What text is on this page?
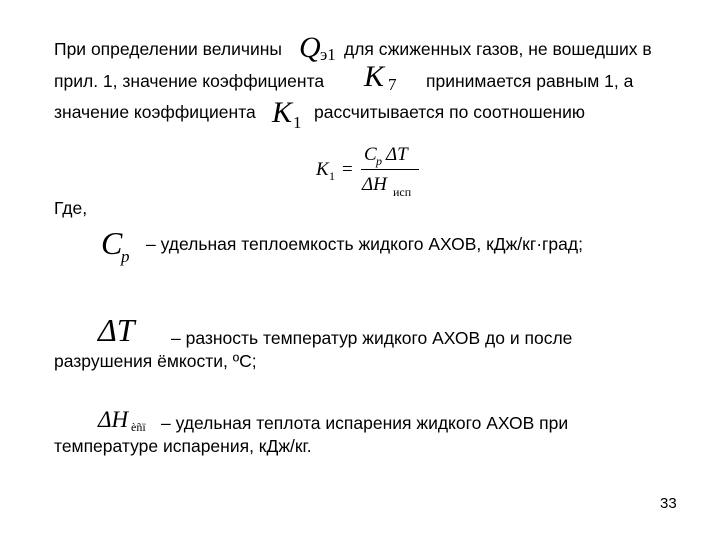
При определении величины Q э1 для сжиженных газов, не вошедших в
прил. 1, значение коэффициента K 7 принимается равным 1, а
значение коэффициента K 1
рассчитывается по соотношению
K 1 =
C p ΔT
ΔH исп
Где,
C
p
– удельная теплоемкость жидкого АХОВ, кДж/кг·град;
ΔT – разность температур жидкого АХОВ до и после
разрушения ёмкости, ºС;
ΔH èñï – удельная теплота испарения жидкого АХОВ при
температуре испарения, кДж/кг.
33
